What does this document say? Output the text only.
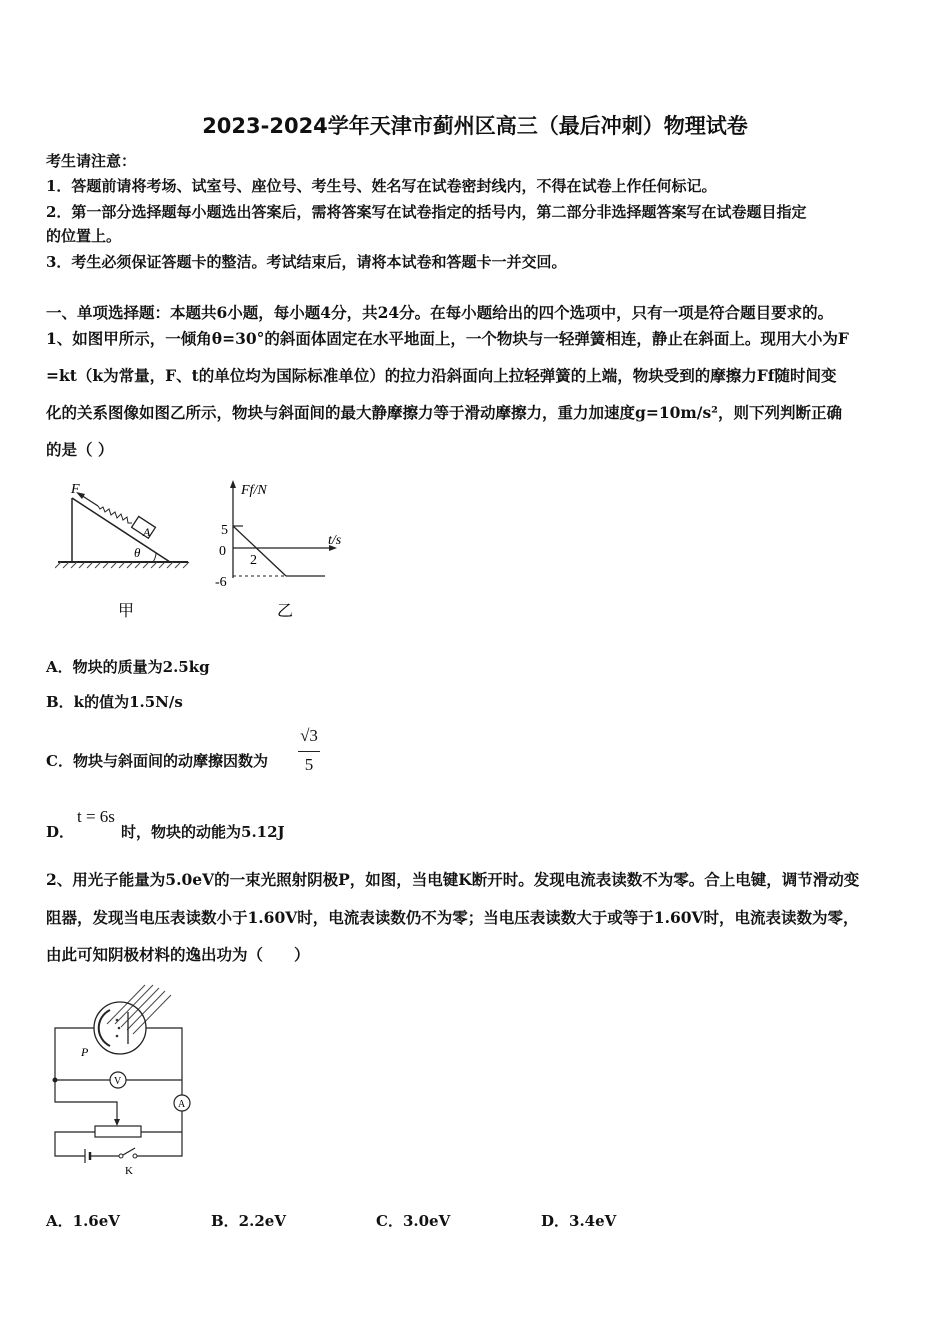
2023-2024学年天津市蓟州区高三（最后冲刺）物理试卷
考生请注意：
1．答题前请将考场、试室号、座位号、考生号、姓名写在试卷密封线内，不得在试卷上作任何标记。
2．第一部分选择题每小题选出答案后，需将答案写在试卷指定的括号内，第二部分非选择题答案写在试卷题目指定
的位置上。
3．考生必须保证答题卡的整洁。考试结束后，请将本试卷和答题卡一并交回。
一、单项选择题：本题共6小题，每小题4分，共24分。在每小题给出的四个选项中，只有一项是符合题目要求的。
1、如图甲所示，一倾角θ=30°的斜面体固定在水平地面上，一个物块与一轻弹簧相连，静止在斜面上。现用大小为F
=kt（k为常量，F、t的单位均为国际标准单位）的拉力沿斜面向上拉轻弹簧的上端，物块受到的摩擦力Ff随时间变
化的关系图像如图乙所示，物块与斜面间的最大静摩擦力等于滑动摩擦力，重力加速度g=10m/s²，则下列判断正确
的是（ ）
θ
A
F
甲
Ff/N
t/s
5
0
-6
2
乙
A．物块的质量为2.5kg
B．k的值为1.5N/s
C．物块与斜面间的动摩擦因数为
√3
5
D．
t = 6s
时，物块的动能为5.12J
2、用光子能量为5.0eV的一束光照射阴极P，如图，当电键K断开时。发现电流表读数不为零。合上电键，调节滑动变
阻器，发现当电压表读数小于1.60V时，电流表读数仍不为零；当电压表读数大于或等于1.60V时，电流表读数为零，
由此可知阴极材料的逸出功为（　　）
P
V
A
K
A．1.6eV	B．2.2eV	C．3.0eV	D．3.4eV
